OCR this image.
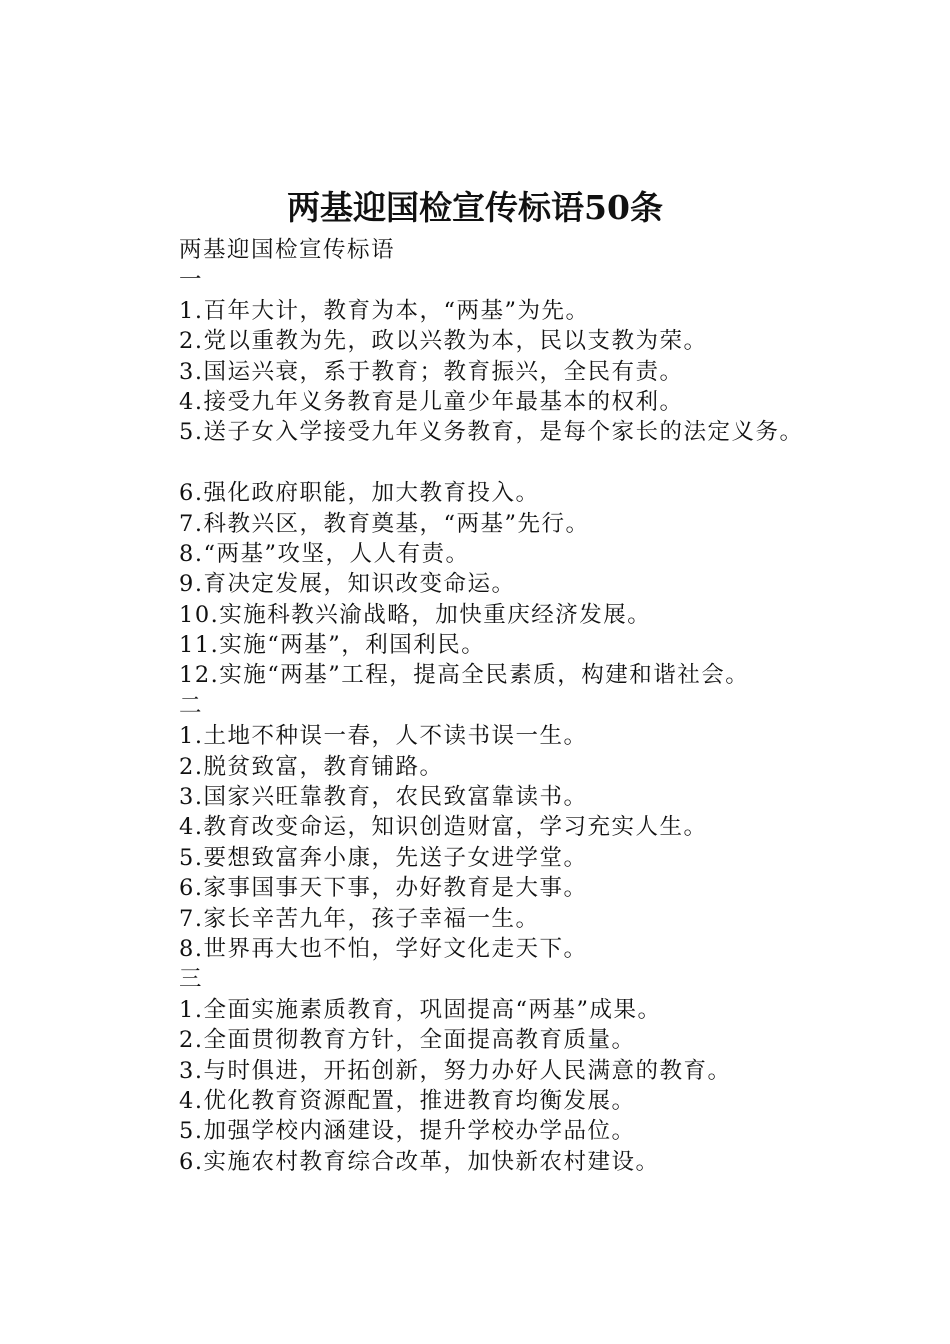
两基迎国检宣传标语50条
两基迎国检宣传标语
一
1.百年大计，教育为本，“两基”为先。
2.党以重教为先，政以兴教为本，民以支教为荣。
3.国运兴衰，系于教育；教育振兴，全民有责。
4.接受九年义务教育是儿童少年最基本的权利。
5.送子女入学接受九年义务教育，是每个家长的法定义务。
6.强化政府职能，加大教育投入。
7.科教兴区，教育奠基，“两基”先行。
8.“两基”攻坚，人人有责。
9.育决定发展，知识改变命运。
10.实施科教兴渝战略，加快重庆经济发展。
11.实施“两基”，利国利民。
12.实施“两基”工程，提高全民素质，构建和谐社会。
二
1.土地不种误一春，人不读书误一生。
2.脱贫致富，教育铺路。
3.国家兴旺靠教育，农民致富靠读书。
4.教育改变命运，知识创造财富，学习充实人生。
5.要想致富奔小康，先送子女进学堂。
6.家事国事天下事，办好教育是大事。
7.家长辛苦九年，孩子幸福一生。
8.世界再大也不怕，学好文化走天下。
三
1.全面实施素质教育，巩固提高“两基”成果。
2.全面贯彻教育方针，全面提高教育质量。
3.与时俱进，开拓创新，努力办好人民满意的教育。
4.优化教育资源配置，推进教育均衡发展。
5.加强学校内涵建设，提升学校办学品位。
6.实施农村教育综合改革，加快新农村建设。
